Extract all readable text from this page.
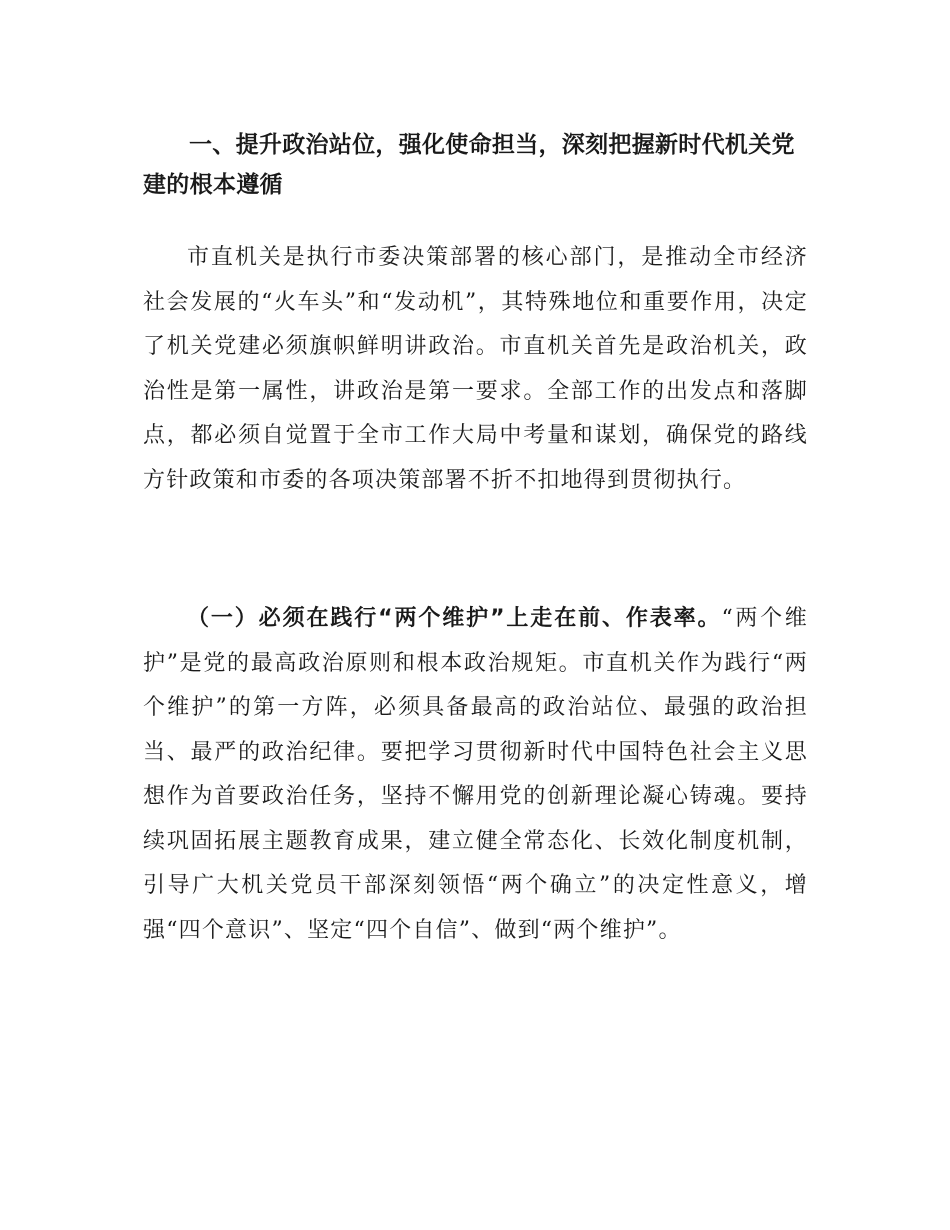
一、提升政治站位，强化使命担当，深刻把握新时代机关党建的根本遵循

市直机关是执行市委决策部署的核心部门，是推动全市经济社会发展的“火车头”和“发动机”，其特殊地位和重要作用，决定了机关党建必须旗帜鲜明讲政治。市直机关首先是政治机关，政治性是第一属性，讲政治是第一要求。全部工作的出发点和落脚点，都必须自觉置于全市工作大局中考量和谋划，确保党的路线方针政策和市委的各项决策部署不折不扣地得到贯彻执行。

（一）必须在践行“两个维护”上走在前、作表率。“两个维护”是党的最高政治原则和根本政治规矩。市直机关作为践行“两个维护”的第一方阵，必须具备最高的政治站位、最强的政治担当、最严的政治纪律。要把学习贯彻新时代中国特色社会主义思想作为首要政治任务，坚持不懈用党的创新理论凝心铸魂。要持续巩固拓展主题教育成果，建立健全常态化、长效化制度机制，引导广大机关党员干部深刻领悟“两个确立”的决定性意义，增强“四个意识”、坚定“四个自信”、做到“两个维护”。
